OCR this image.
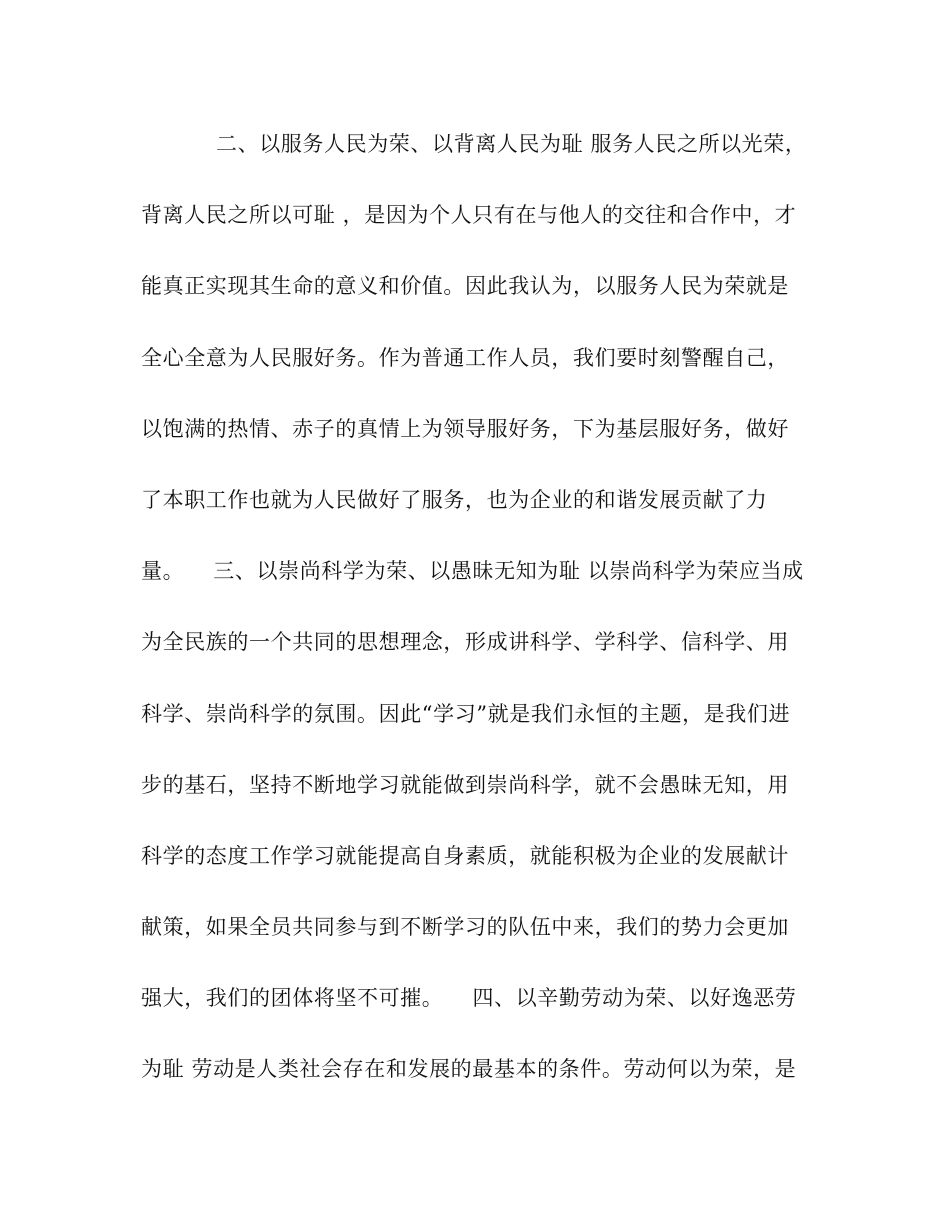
二、以服务人民为荣、以背离人民为耻 服务人民之所以光荣，
背离人民之所以可耻 ，是因为个人只有在与他人的交往和合作中，才
能真正实现其生命的意义和价值。因此我认为，以服务人民为荣就是
全心全意为人民服好务。作为普通工作人员，我们要时刻警醒自己，
以饱满的热情、赤子的真情上为领导服好务，下为基层服好务，做好
了本职工作也就为人民做好了服务，也为企业的和谐发展贡献了力
量。    三、以崇尚科学为荣、以愚昧无知为耻 以崇尚科学为荣应当成
为全民族的一个共同的思想理念，形成讲科学、学科学、信科学、用
科学、崇尚科学的氛围。因此“学习”就是我们永恒的主题，是我们进
步的基石，坚持不断地学习就能做到崇尚科学，就不会愚昧无知，用
科学的态度工作学习就能提高自身素质，就能积极为企业的发展献计
献策，如果全员共同参与到不断学习的队伍中来，我们的势力会更加
强大，我们的团体将坚不可摧。    四、以辛勤劳动为荣、以好逸恶劳
为耻 劳动是人类社会存在和发展的最基本的条件。劳动何以为荣，是
